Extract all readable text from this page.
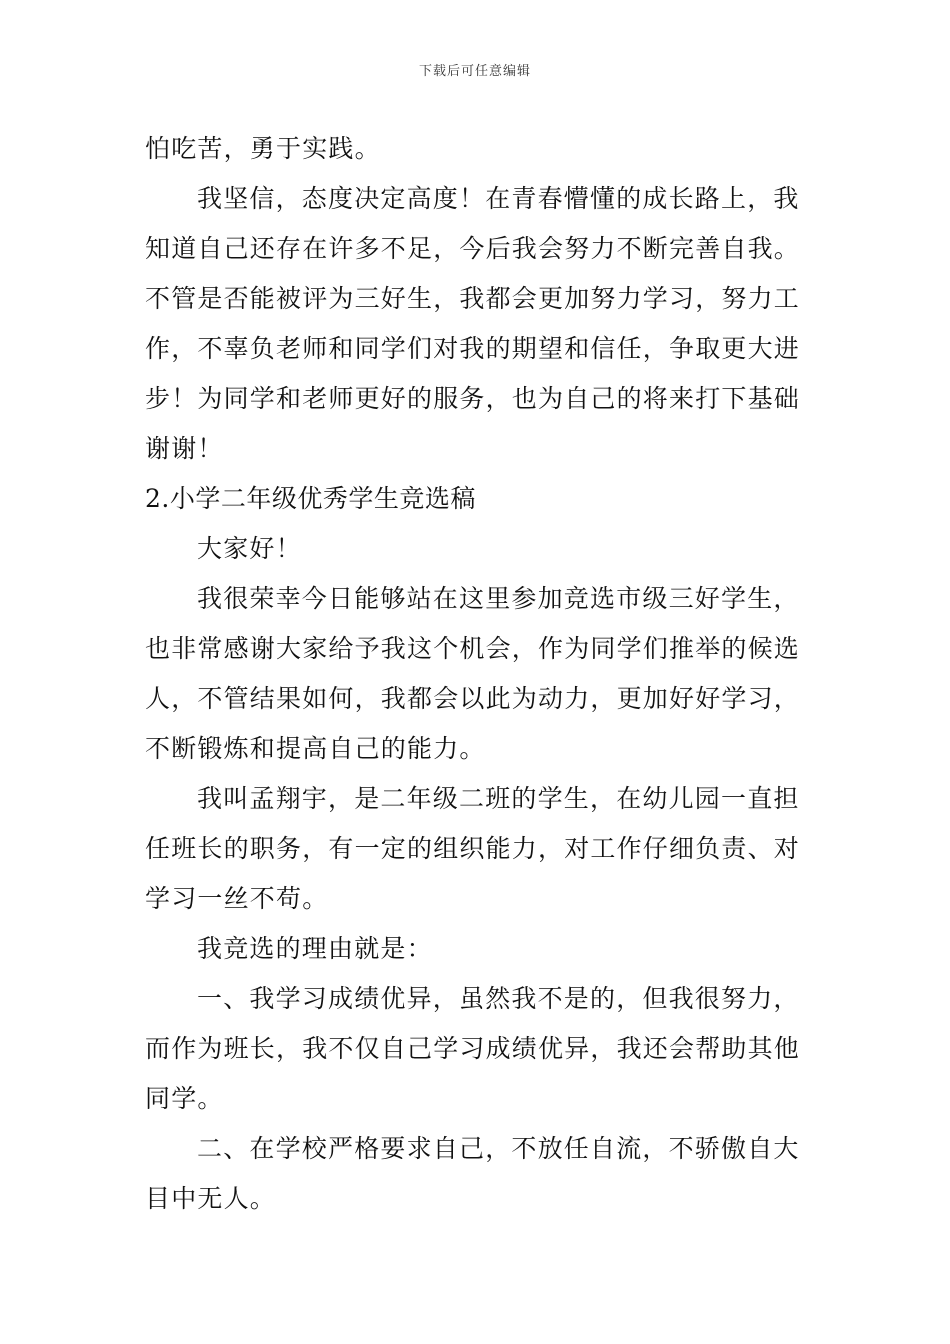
下载后可任意编辑
怕吃苦，勇于实践。
我坚信，态度决定高度！在青春懵懂的成长路上，我
知道自己还存在许多不足，今后我会努力不断完善自我。
不管是否能被评为三好生，我都会更加努力学习，努力工
作，不辜负老师和同学们对我的期望和信任，争取更大进
步！为同学和老师更好的服务，也为自己的将来打下基础
谢谢！
2.小学二年级优秀学生竞选稿
大家好！
我很荣幸今日能够站在这里参加竞选市级三好学生，
也非常感谢大家给予我这个机会，作为同学们推举的候选
人，不管结果如何，我都会以此为动力，更加好好学习，
不断锻炼和提高自己的能力。
我叫孟翔宇，是二年级二班的学生，在幼儿园一直担
任班长的职务，有一定的组织能力，对工作仔细负责、对
学习一丝不苟。
我竞选的理由就是：
一、我学习成绩优异，虽然我不是的，但我很努力，
而作为班长，我不仅自己学习成绩优异，我还会帮助其他
同学。
二、在学校严格要求自己，不放任自流，不骄傲自大
目中无人。
